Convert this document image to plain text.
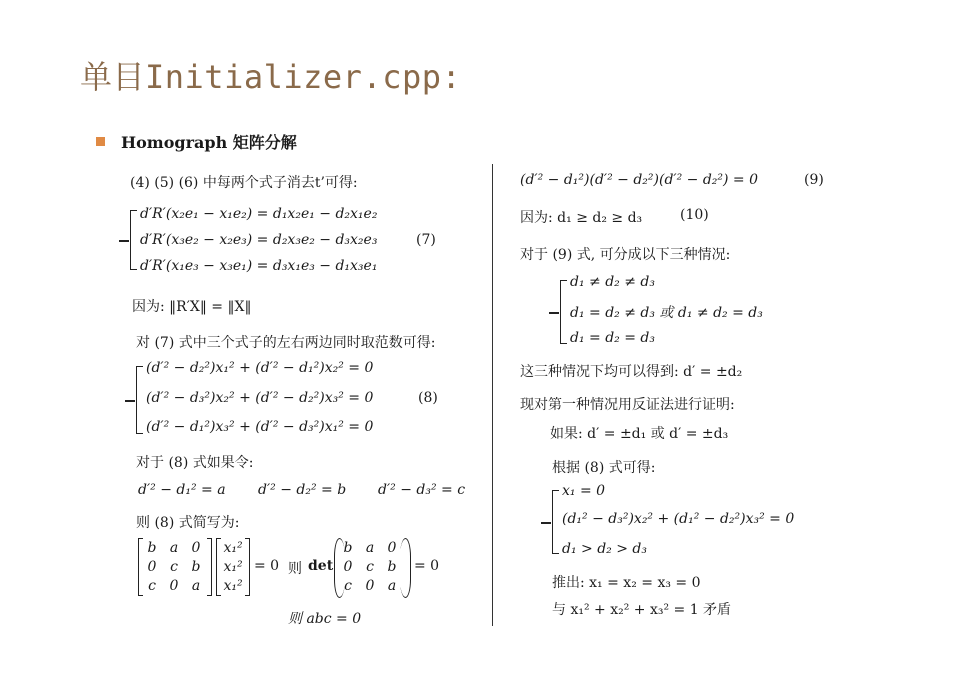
单目Initializer.cpp:
Homograph 矩阵分解
(4) (5) (6) 中每两个式子消去t’可得:
d′R′(x₂e₁ − x₁e₂) = d₁x₂e₁ − d₂x₁e₂
d′R′(x₃e₂ − x₂e₃) = d₂x₃e₂ − d₃x₂e₃
d′R′(x₁e₃ − x₃e₁) = d₃x₁e₃ − d₁x₃e₁
(7)
因为: ‖R′X‖ = ‖X‖
对 (7) 式中三个式子的左右两边同时取范数可得:
(d′² − d₂²)x₁² + (d′² − d₁²)x₂² = 0
(d′² − d₃²)x₂² + (d′² − d₂²)x₃² = 0
(d′² − d₁²)x₃² + (d′² − d₃²)x₁² = 0
(8)
对于 (8) 式如果令:
d′² − d₁² = a d′² − d₂² = b d′² − d₃² = c
则 (8) 式简写为:
b a 0
0 c b
c 0 a
x₁²
x₁²
x₁²
= 0 则 det
b a 0
0 c b
c 0 a
= 0
则 abc = 0
(d′² − d₁²)(d′² − d₂²)(d′² − d₂²) = 0	(9)
因为: d₁ ≥ d₂ ≥ d₃	(10)
对于 (9) 式, 可分成以下三种情况:
d₁ ≠ d₂ ≠ d₃
d₁ = d₂ ≠ d₃ 或 d₁ ≠ d₂ = d₃
d₁ = d₂ = d₃
这三种情况下均可以得到: d′ = ±d₂
现对第一种情况用反证法进行证明:
如果: d′ = ±d₁ 或 d′ = ±d₃
根据 (8) 式可得:
x₁ = 0
(d₁² − d₃²)x₂² + (d₁² − d₂²)x₃² = 0
d₁ > d₂ > d₃
推出: x₁ = x₂ = x₃ = 0
与 x₁² + x₂² + x₃² = 1 矛盾
